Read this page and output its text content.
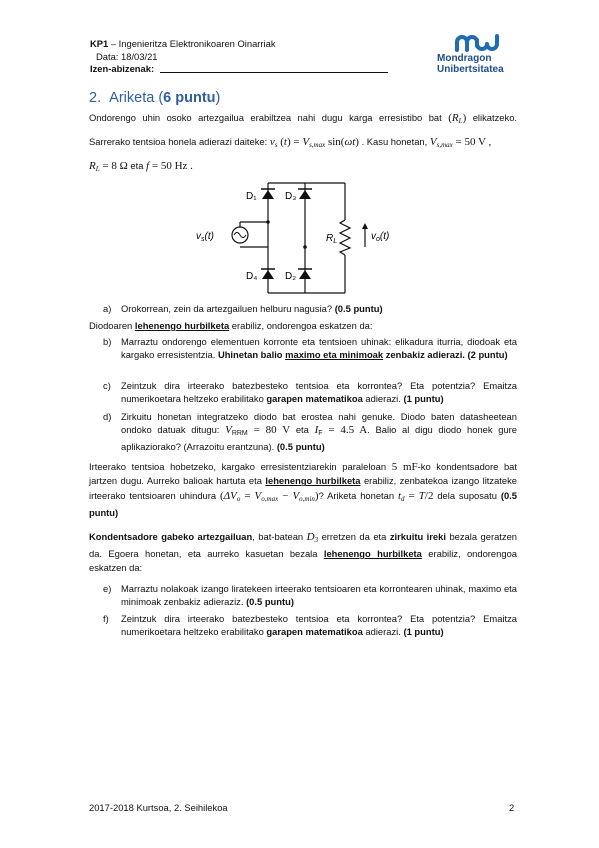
KP1 – Ingenieritza Elektronikoaren Oinarriak
Data: 18/03/21
Izen-abizenak:
Mondragon
Unibertsitatea
2. Ariketa (6 puntu)
Ondorengo uhin osoko artezgailua erabiltzea nahi dugu karga erresistibo bat $(R_L)$ elikatzeko.
Sarrerako tentsioa honela adierazi daiteke: $v_s$ $(t) = V_{s,max}$ sin(ωt) . Kasu honetan, $V_{s,max} = 50$ V ,
$R_L = 8$ Ω eta f = 50 Hz .
D₁	D₃
D₄	D₂
$R_L$
$v_s(t)$	$v_o(t)$
a) Orokorrean, zein da artezgailuen helburu nagusia? (0.5 puntu)
Diodoaren lehenengo hurbilketa erabiliz, ondorengoa eskatzen da:
b) Marraztu ondorengo elementuen korronte eta tentsioen uhinak: elikadura iturria, diodoak eta kargako erresistentzia. Uhinetan balio maximo eta minimoak zenbakiz adierazi. (2 puntu)
c) Zeintzuk dira irteerako batezbesteko tentsioa eta korrontea? Eta potentzia? Emaitza numerikoetara heltzeko erabilitako garapen matematikoa adierazi. (1 puntu)
d) Zirkuitu honetan integratzeko diodo bat erostea nahi genuke. Diodo baten datasheetean ondoko datuak ditugu: $V_{RRM} = 80$ V eta $I_F = 4.5$ A. Balio al digu diodo honek gure aplikaziorako? (Arrazoitu erantzuna). (0.5 puntu)
Irteerako tentsioa hobetzeko, kargako erresistentziarekin paraleloan 5 mF-ko kondentsadore bat jartzen dugu. Aurreko balioak hartuta eta lehenengo hurbilketa erabiliz, zenbatekoa izango litzateke irteerako tentsioaren uhindura $(\Delta V_o = V_{o,max} - V_{o,min})$? Ariketa honetan $t_d = T/2$ dela suposatu (0.5 puntu)
Kondentsadore gabeko artezgailuan, bat-batean $D_3$ erretzen da eta zirkuitu ireki bezala geratzen da. Egoera honetan, eta aurreko kasuetan bezala lehenengo hurbilketa erabiliz, ondorengoa eskatzen da:
e) Marraztu nolakoak izango liratekeen irteerako tentsioaren eta korrontearen uhinak, maximo eta minimoak zenbakiz adieraziz. (0.5 puntu)
f) Zeintzuk dira irteerako batezbesteko tentsioa eta korrontea? Eta potentzia? Emaitza numerikoetara heltzeko erabilitako garapen matematikoa adierazi. (1 puntu)
2017-2018 Kurtsoa, 2. Seihilekoa	2
